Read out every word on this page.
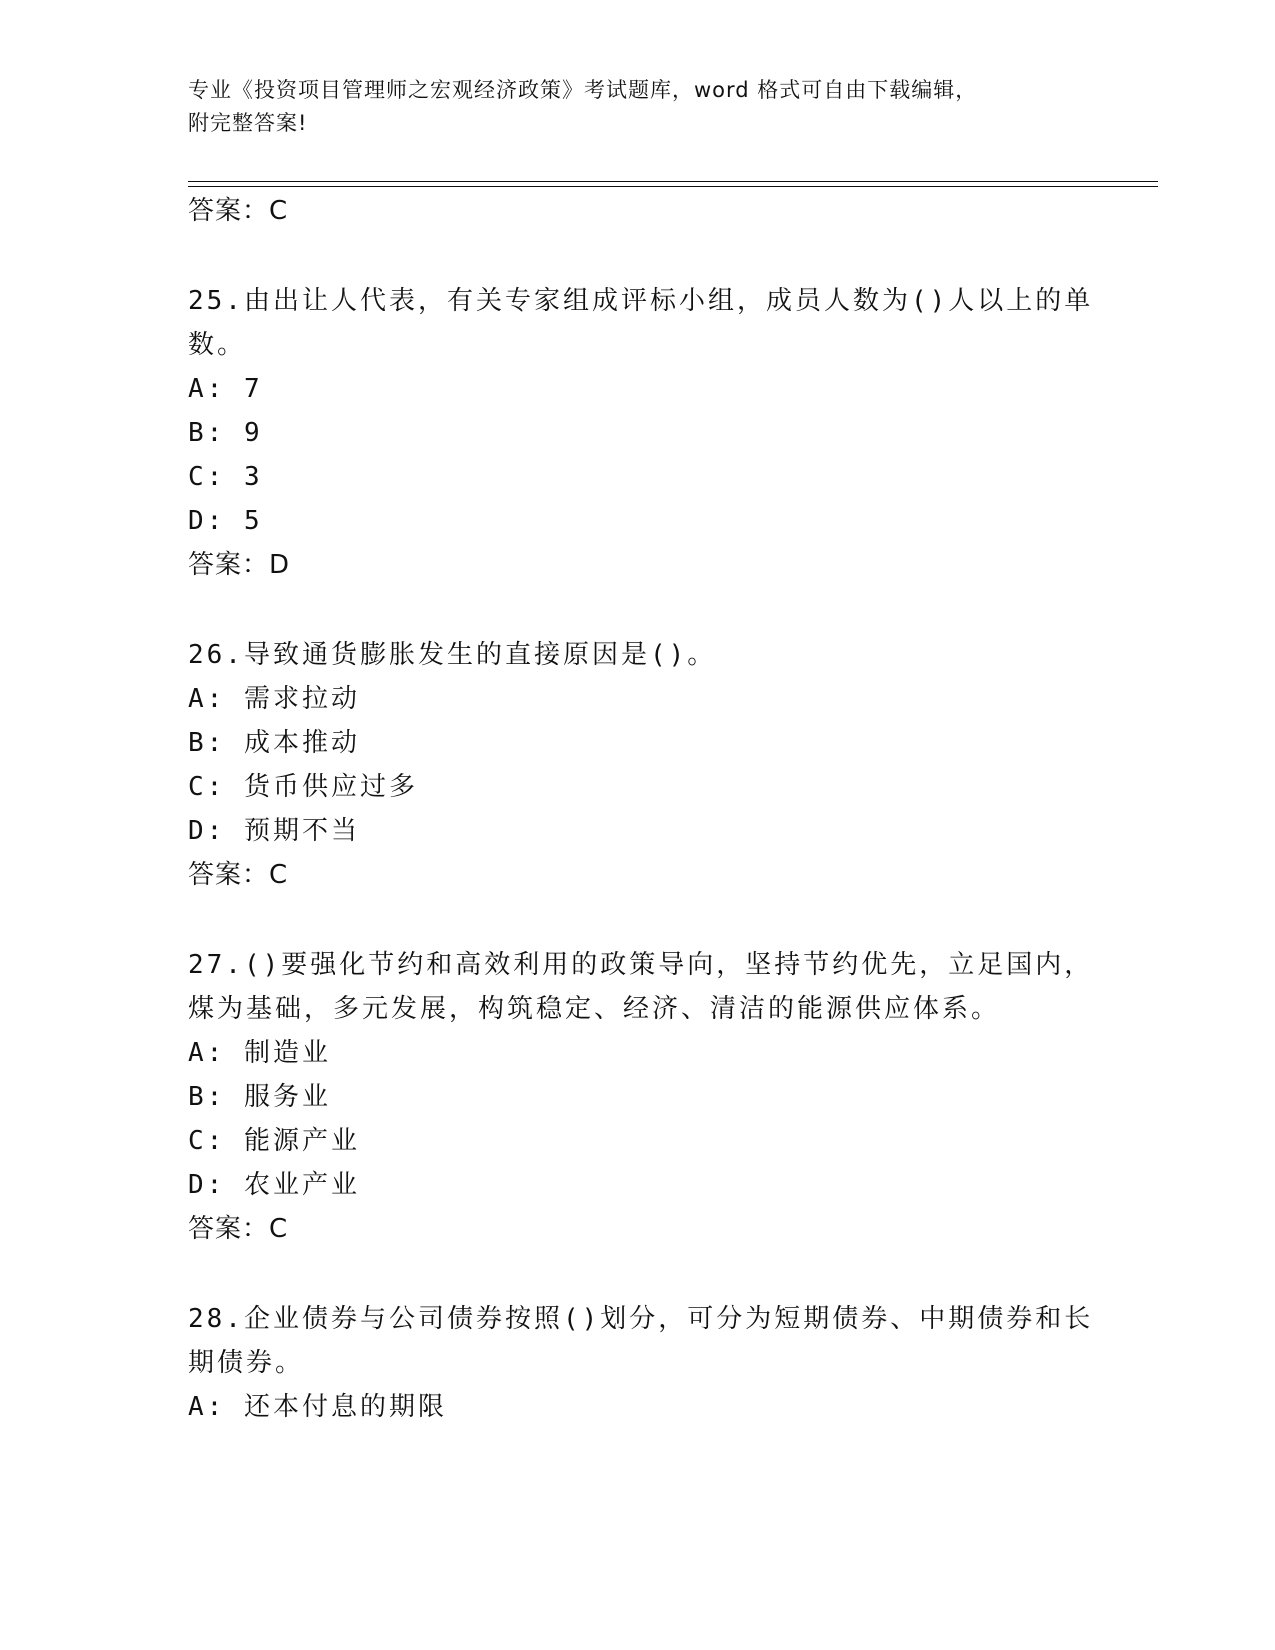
专业《投资项目管理师之宏观经济政策》考试题库，word 格式可自由下载编辑，
附完整答案!
答案：C
25.由出让人代表，有关专家组成评标小组，成员人数为()人以上的单
数。
A: 7
B: 9
C: 3
D: 5
答案：D
26.导致通货膨胀发生的直接原因是()。
A: 需求拉动
B: 成本推动
C: 货币供应过多
D: 预期不当
答案：C
27.()要强化节约和高效利用的政策导向，坚持节约优先，立足国内，
煤为基础，多元发展，构筑稳定、经济、清洁的能源供应体系。
A: 制造业
B: 服务业
C: 能源产业
D: 农业产业
答案：C
28.企业债券与公司债券按照()划分，可分为短期债券、中期债券和长
期债券。
A: 还本付息的期限
